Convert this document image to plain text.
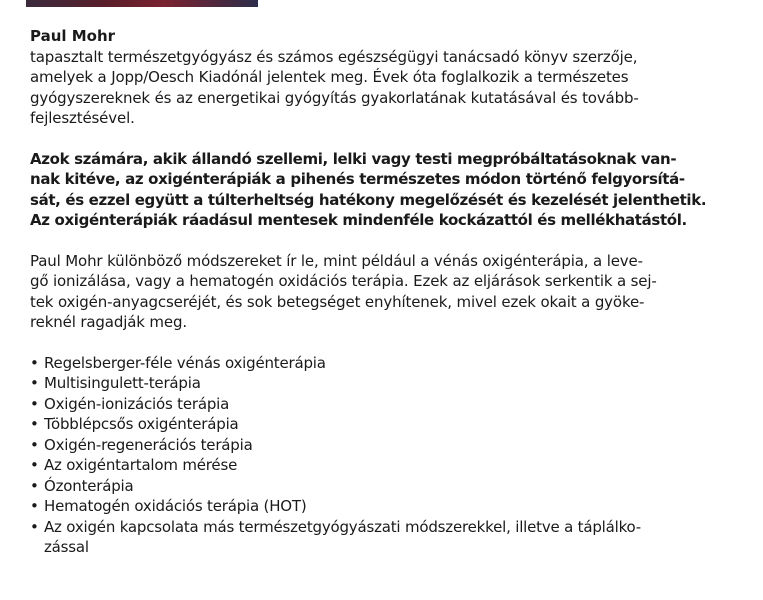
Paul Mohr
tapasztalt természetgyógyász és számos egészségügyi tanácsadó könyv szerzője,
amelyek a Jopp/Oesch Kiadónál jelentek meg. Évek óta foglalkozik a természetes
gyógyszereknek és az energetikai gyógyítás gyakorlatának kutatásával és tovább-
fejlesztésével.
Azok számára, akik állandó szellemi, lelki vagy testi megpróbáltatásoknak van-
nak kitéve, az oxigénterápiák a pihenés természetes módon történő felgyorsítá-
sát, és ezzel együtt a túlterheltség hatékony megelőzését és kezelését jelenthetik.
Az oxigénterápiák ráadásul mentesek mindenféle kockázattól és mellékhatástól.
Paul Mohr különböző módszereket ír le, mint például a vénás oxigénterápia, a leve-
gő ionizálása, vagy a hematogén oxidációs terápia. Ezek az eljárások serkentik a sej-
tek oxigén-anyagcseréjét, és sok betegséget enyhítenek, mivel ezek okait a gyöke-
reknél ragadják meg.
• Regelsberger-féle vénás oxigénterápia
• Multisingulett-terápia
• Oxigén-ionizációs terápia
• Többlépcsős oxigénterápia
• Oxigén-regenerációs terápia
• Az oxigéntartalom mérése
• Ózonterápia
• Hematogén oxidációs terápia (HOT)
• Az oxigén kapcsolata más természetgyógyászati módszerekkel, illetve a táplálko-
zással
